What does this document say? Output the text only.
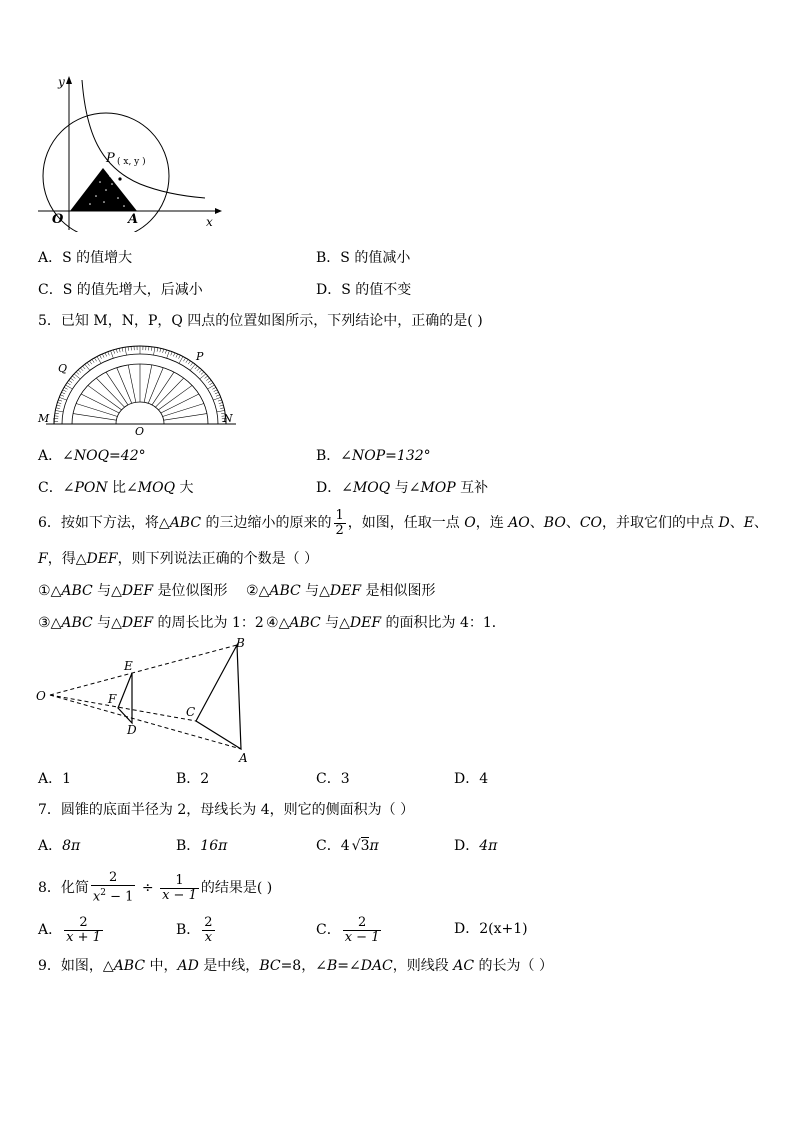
y
x
O	A
P ( x, y )
A．S 的值增大	B．S 的值减小
C．S 的值先增大，后减小	D．S 的值不变
5．已知 M，N，P，Q 四点的位置如图所示，下列结论中，正确的是( )
M	N
P
Q
O
A．∠NOQ=42°	B．∠NOP=132°
C．∠PON 比∠MOQ 大	D．∠MOQ 与∠MOP 互补
6．按如下方法，将△ABC 的三边缩小的原来的 $\frac{1}{2}$ ，如图，任取一点 O，连 AO、BO、CO，并取它们的中点 D、E、
F，得△DEF，则下列说法正确的个数是（ ）
①△ABC 与△DEF 是位似图形 ②△ABC 与△DEF 是相似图形
③△ABC 与△DEF 的周长比为 1：2 ④△ABC 与△DEF 的面积比为 4：1．
O
E
F
D
C
B
A
A．1	B．2	C．3	D．4
7．圆锥的底面半径为 2，母线长为 4，则它的侧面积为（ ）
A．8π	B．16π	C．4 √3π	D．4π
8．化简 $\frac{2}{x^2 - 1} \div \frac{1}{x - 1}$ 的结果是( )
A． $\frac{2}{x + 1}$	B． $\frac{2}{x}$	C． $\frac{2}{x - 1}$	D．2(x+1)
9．如图，△ABC 中，AD 是中线，BC=8，∠B=∠DAC，则线段 AC 的长为（ ）
